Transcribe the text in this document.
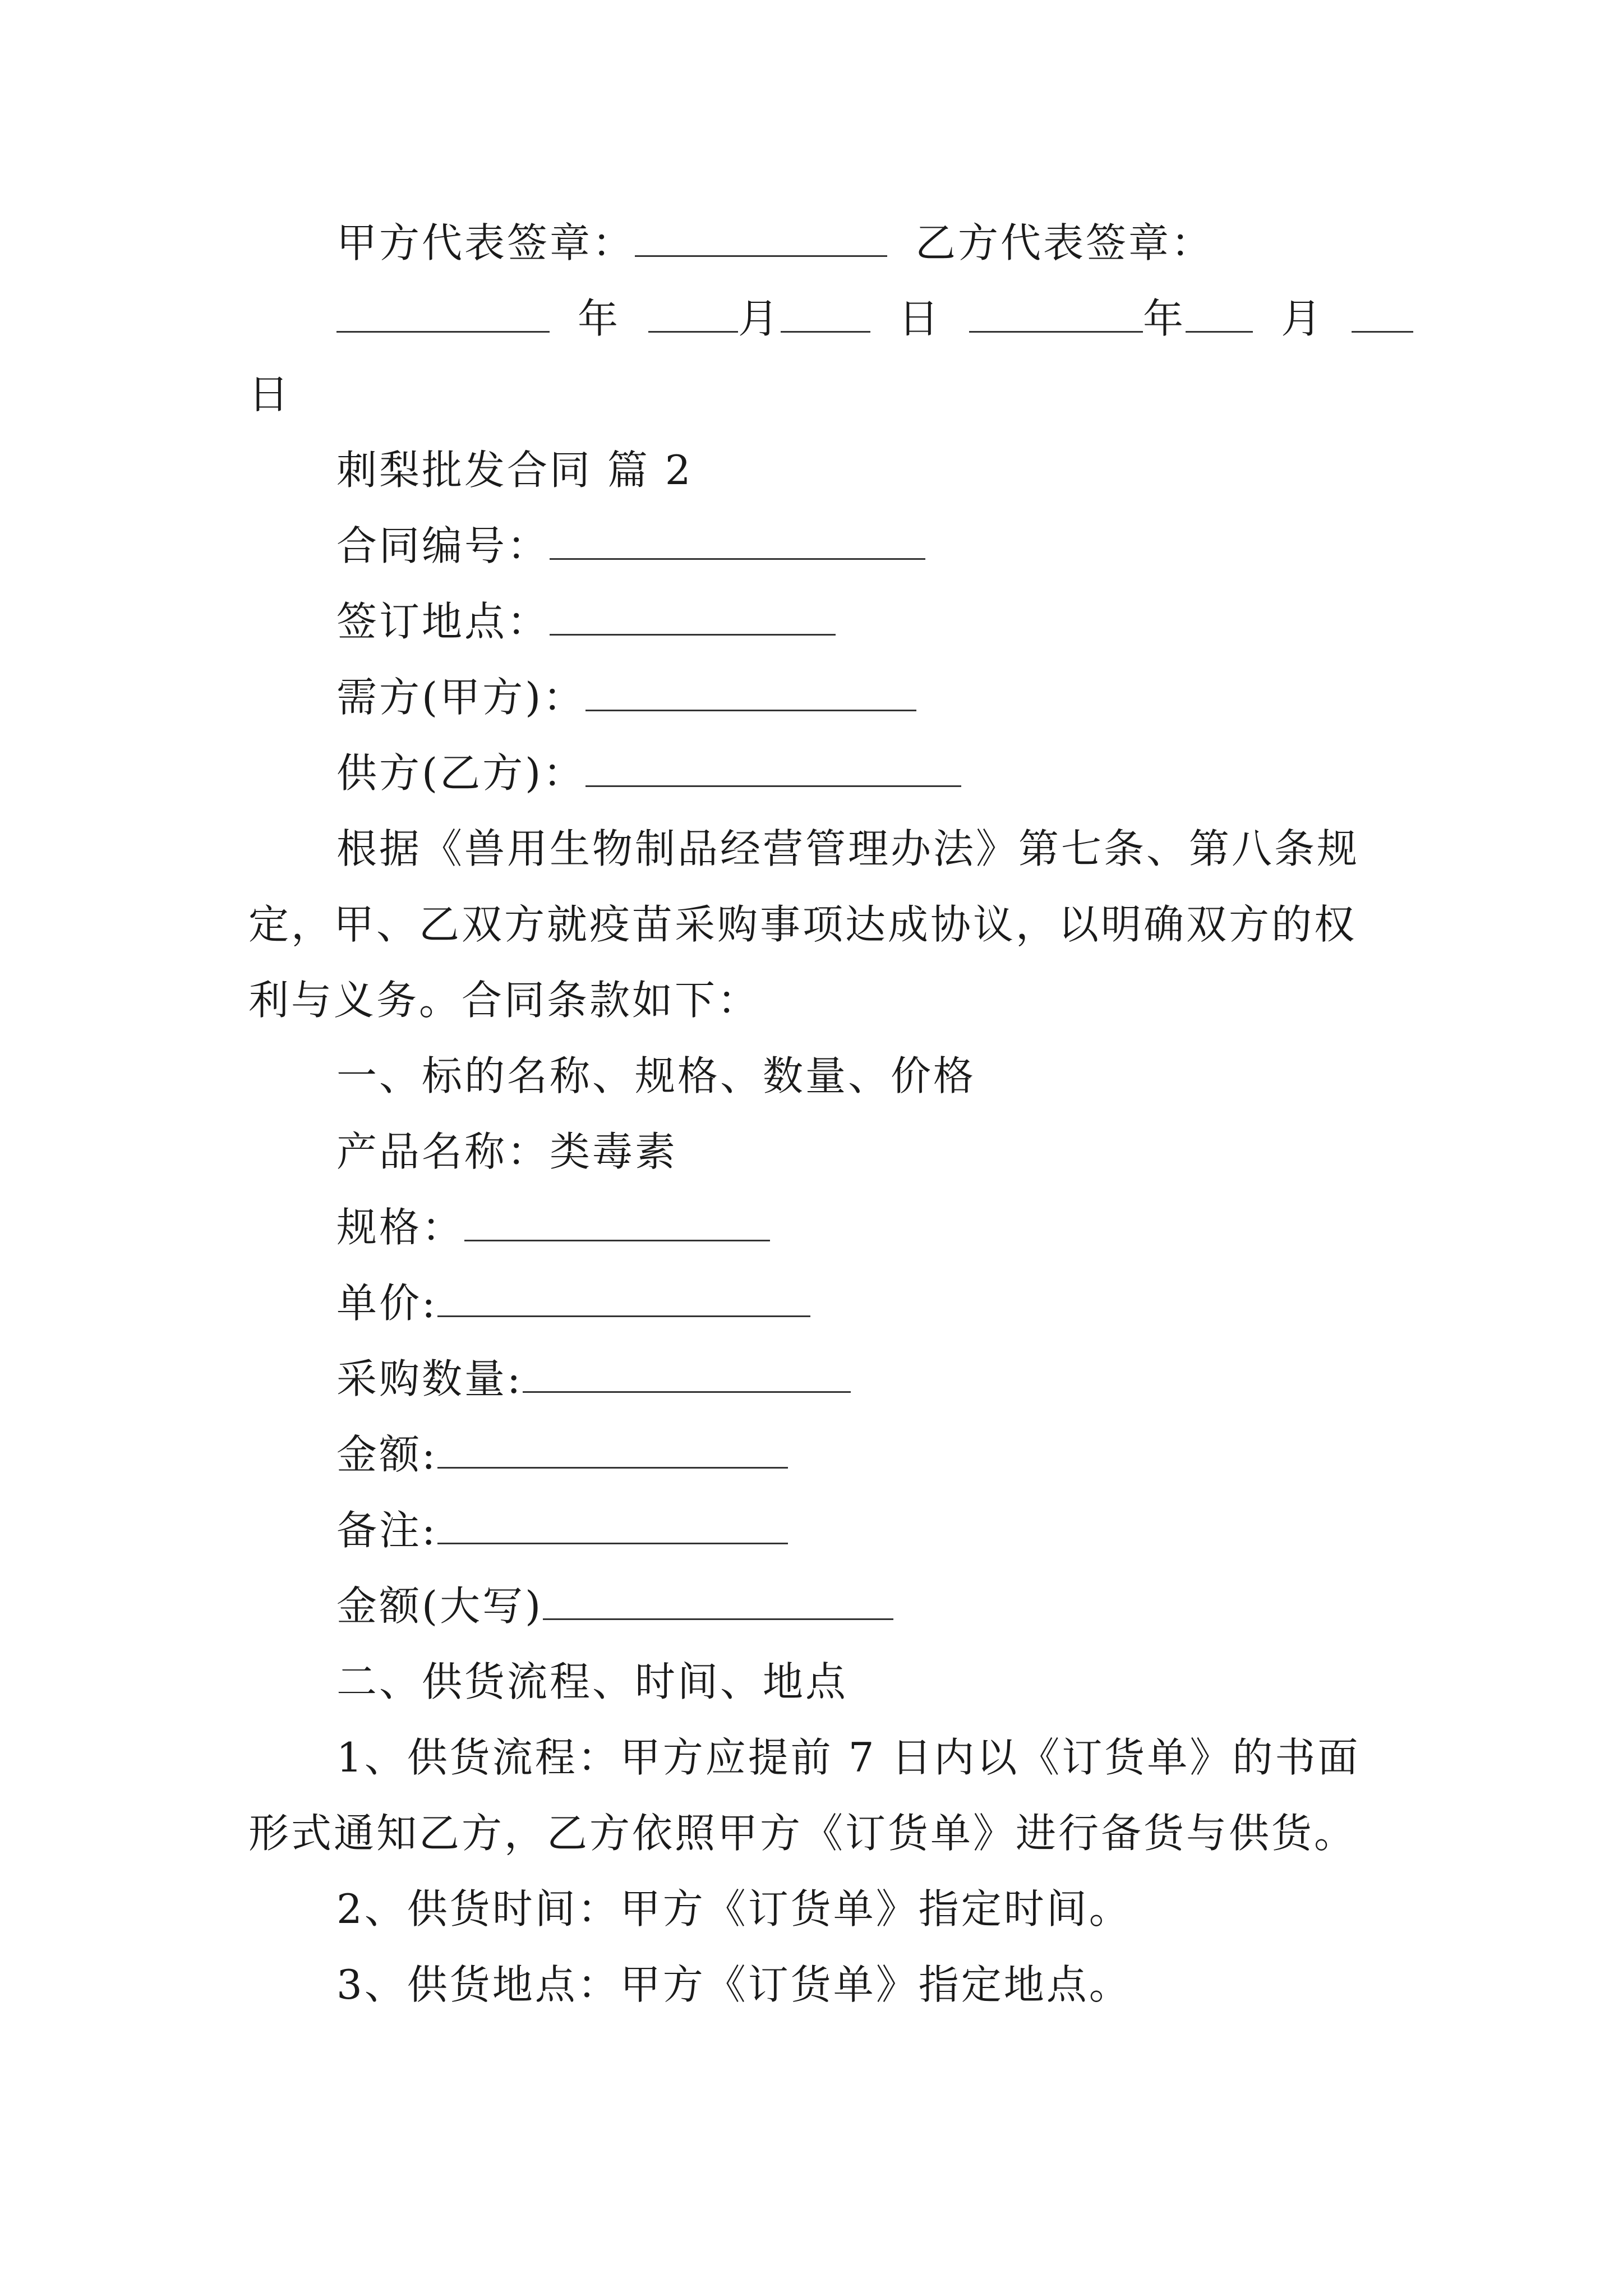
甲方代表签章：	乙方代表签章：
年	月	日	年 月
日
刺梨批发合同 篇 2
合同编号：
签订地点：
需方(甲方)：
供方(乙方)：
根据《兽用生物制品经营管理办法》第七条、第八条规
定，甲、乙双方就疫苗采购事项达成协议，以明确双方的权
利与义务。合同条款如下：
一、标的名称、规格、数量、价格
产品名称：类毒素
规格：
单价:
采购数量:
金额:
备注:
金额(大写)
二、供货流程、时间、地点
1、供货流程：甲方应提前 7 日内以《订货单》的书面
形式通知乙方，乙方依照甲方《订货单》进行备货与供货。
2、供货时间：甲方《订货单》指定时间。
3、供货地点：甲方《订货单》指定地点。
